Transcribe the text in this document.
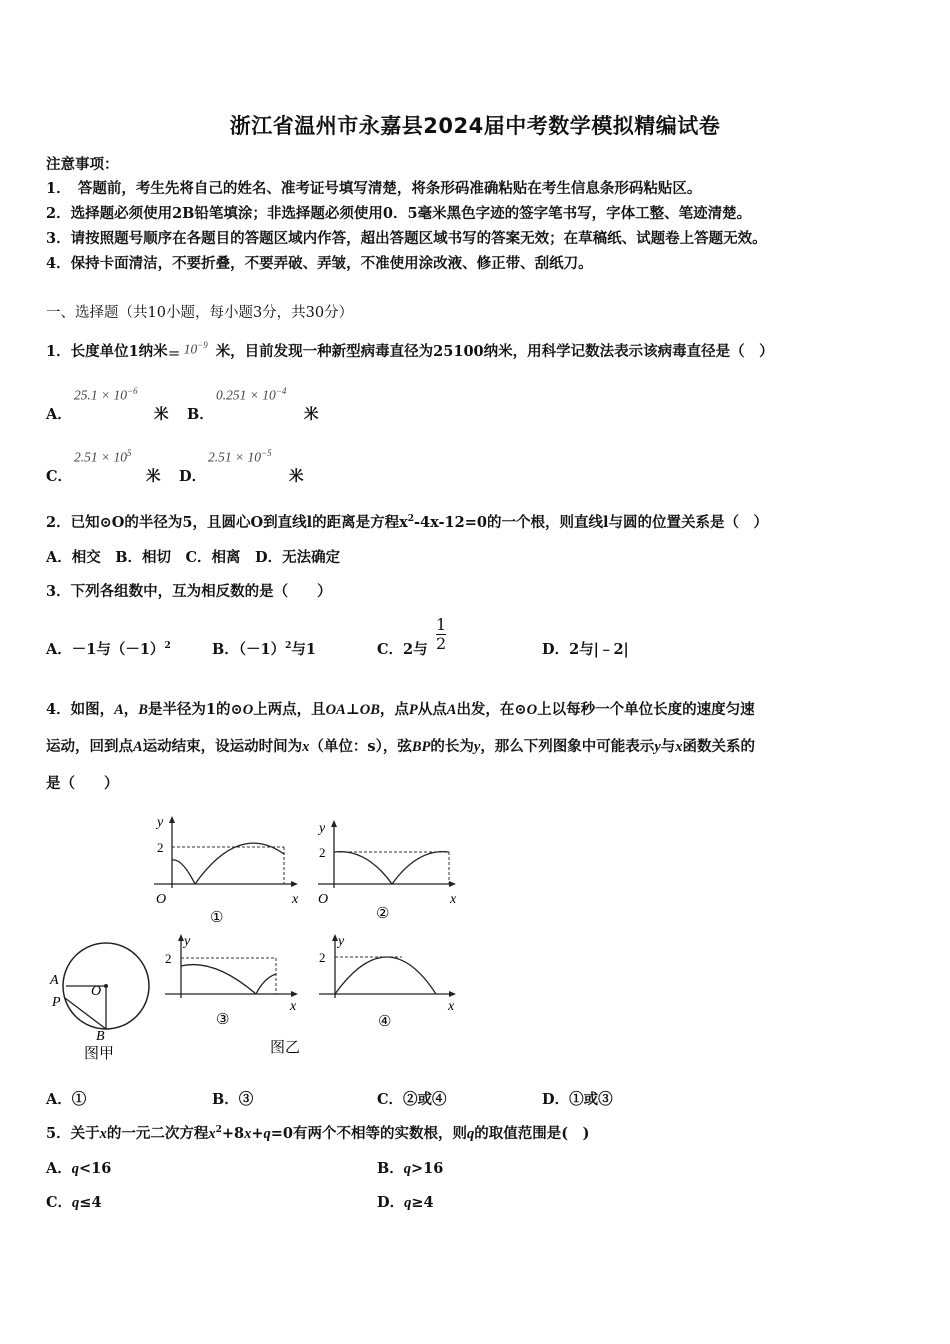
浙江省温州市永嘉县2024届中考数学模拟精编试卷
注意事项：
1．　答题前，考生先将自己的姓名、准考证号填写清楚，将条形码准确粘贴在考生信息条形码粘贴区。
2．选择题必须使用2B铅笔填涂；非选择题必须使用0．5毫米黑色字迹的签字笔书写，字体工整、笔迹清楚。
3．请按照题号顺序在各题目的答题区域内作答，超出答题区域书写的答案无效；在草稿纸、试题卷上答题无效。
4．保持卡面清洁，不要折叠，不要弄破、弄皱，不准使用涂改液、修正带、刮纸刀。
一、选择题（共10小题，每小题3分，共30分）
1．长度单位1纳米 = $10^{-9}$ 米，目前发现一种新型病毒直径为25100纳米，用科学记数法表示该病毒直径是（　）
A．
$25.1 \times 10^{-6}$
米 B．
$0.251 \times 10^{-4}$
米
C．
$2.51 \times 10^5$
米 D．
$2.51 \times 10^{-5}$
米
2．已知⊙O的半径为5，且圆心O到直线l的距离是方程$x^2-4x-12=0$的一个根，则直线l与圆的位置关系是（　）
A．相交　B．相切　C．相离　D．无法确定
3．下列各组数中，互为相反数的是（　　）
A．－1与$(-1)^2$	B．$(-1)^2$与1	C．2与 $\frac{1}{2}$	D．2与|﹣2|
4．如图，A，B是半径为1的⊙O上两点，且OA⊥OB，点P从点A出发，在⊙O上以每秒一个单位长度的速度匀速
运动，回到点A运动结束，设运动时间为x（单位：s），弦BP的长为y，那么下列图象中可能表示y与x函数关系的
是（　　）
y
2
O	x
①
y
2
O	x
②
A
O
P
B
图甲
y
2
x
③
y
2
x
④
图乙
A．①	B．③	C．②或④	D．①或③
5．关于x的一元二次方程$x^2+8x+q=0$有两个不相等的实数根，则q的取值范围是(　)
A．q<16	B．q>16
C．q≤4	D．q≥4
